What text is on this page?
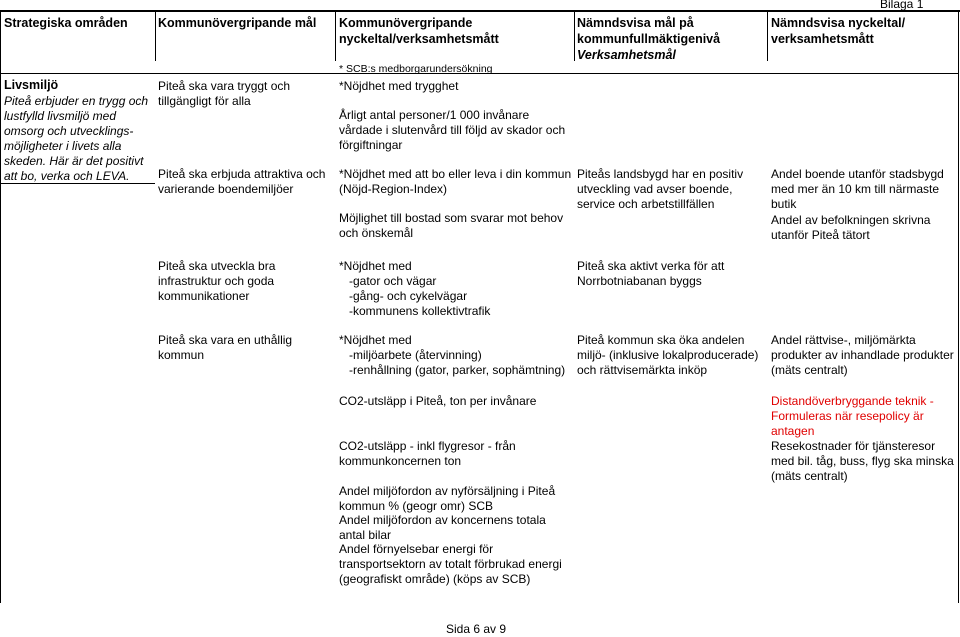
Bilaga 1
Strategiska områden Kommunövergripande mål Kommunövergripande
nyckeltal/verksamhetsmått
* SCB:s medborgarundersökning
Nämndsvisa mål på
kommunfullmäktigenivå
Verksamhetsmål
Nämndsvisa nyckeltal/
verksamhetsmått
Livsmiljö
Piteå erbjuder en trygg och
lustfylld livsmiljö med
omsorg och utvecklings-
möjligheter i livets alla
skeden. Här är det positivt
att bo, verka och LEVA.
Piteå ska vara tryggt och
tillgängligt för alla
Piteå ska erbjuda attraktiva och
varierande boendemiljöer
Piteå ska utveckla bra
infrastruktur och goda
kommunikationer
Piteå ska vara en uthållig
kommun
*Nöjdhet med trygghet
Årligt antal personer/1 000 invånare
vårdade i slutenvård till följd av skador och
förgiftningar
*Nöjdhet med att bo eller leva i din kommun
(Nöjd-Region-Index)
Möjlighet till bostad som svarar mot behov
och önskemål
*Nöjdhet med
-gator och vägar
-gång- och cykelvägar
-kommunens kollektivtrafik
*Nöjdhet med
-miljöarbete (återvinning)
-renhållning (gator, parker, sophämtning)
CO2-utsläpp i Piteå, ton per invånare
CO2-utsläpp - inkl flygresor - från
kommunkoncernen ton
Andel miljöfordon av nyförsäljning i Piteå
kommun % (geogr omr) SCB
Andel miljöfordon av koncernens totala
antal bilar
Andel förnyelsebar energi för
transportsektorn av totalt förbrukad energi
(geografiskt område) (köps av SCB)
Piteås landsbygd har en positiv
utveckling vad avser boende,
service och arbetstillfällen
Piteå ska aktivt verka för att
Norrbotniabanan byggs
Piteå kommun ska öka andelen
miljö- (inklusive lokalproducerade)
och rättvisemärkta inköp
Andel boende utanför stadsbygd
med mer än 10 km till närmaste
butik
Andel av befolkningen skrivna
utanför Piteå tätort
Andel rättvise-, miljömärkta
produkter av inhandlade produkter
(mäts centralt)
Distandöverbryggande teknik -
Formuleras när resepolicy är
antagen
Resekostnader för tjänsteresor
med bil. tåg, buss, flyg ska minska
(mäts centralt)
Sida 6 av 9
